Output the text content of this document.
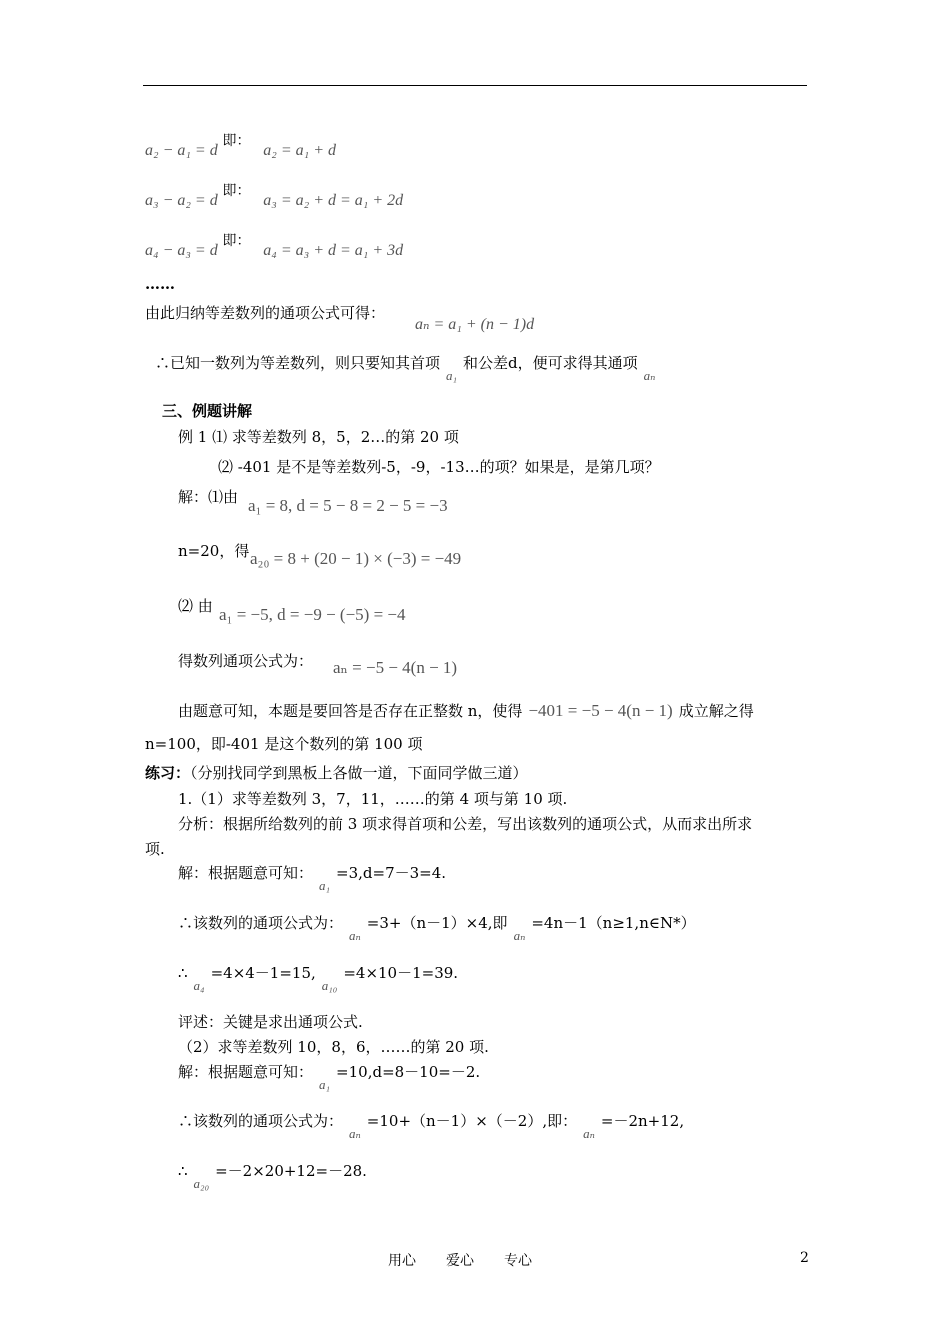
a₂ − a₁ = d 即： a₂ = a₁ + d
a₃ − a₂ = d 即： a₃ = a₂ + d = a₁ + 2d
a₄ − a₃ = d 即： a₄ = a₃ + d = a₁ + 3d
……
由此归纳等差数列的通项公式可得：
aₙ = a₁ + (n − 1)d
∴已知一数列为等差数列，则只要知其首项a₁和公差d，便可求得其通项aₙ
三、例题讲解
例 1 ⑴ 求等差数列 8，5，2…的第 20 项
⑵ -401 是不是等差数列-5，-9，-13…的项？如果是，是第几项？
解：⑴由 a₁ = 8, d = 5 − 8 = 2 − 5 = −3
n=20，得 a₂₀ = 8 + (20 − 1) × (−3) = −49
⑵ 由 a₁ = −5, d = −9 − (−5) = −4
得数列通项公式为： aₙ = −5 − 4(n − 1)
由题意可知，本题是要回答是否存在正整数 n，使得 −401 = −5 − 4(n − 1) 成立解之得
n=100，即-401 是这个数列的第 100 项
练习：（分别找同学到黑板上各做一道，下面同学做三道）
1.（1）求等差数列 3，7，11，……的第 4 项与第 10 项.
分析：根据所给数列的前 3 项求得首项和公差，写出该数列的通项公式，从而求出所求
项.
解：根据题意可知：a₁=3,d=7－3=4.
∴该数列的通项公式为：aₙ=3+（n－1）×4,即aₙ=4n－1（n≥1,n∈N*）
∴a₄=4×4－1=15,a₁₀=4×10－1=39.
评述：关键是求出通项公式.
（2）求等差数列 10，8，6，……的第 20 项.
解：根据题意可知：a₁=10,d=8－10=－2.
∴该数列的通项公式为：aₙ=10+（n－1）×（－2）,即：aₙ=－2n+12,
∴a₂₀=－2×20+12=－28.
用心 爱心 专心	2
